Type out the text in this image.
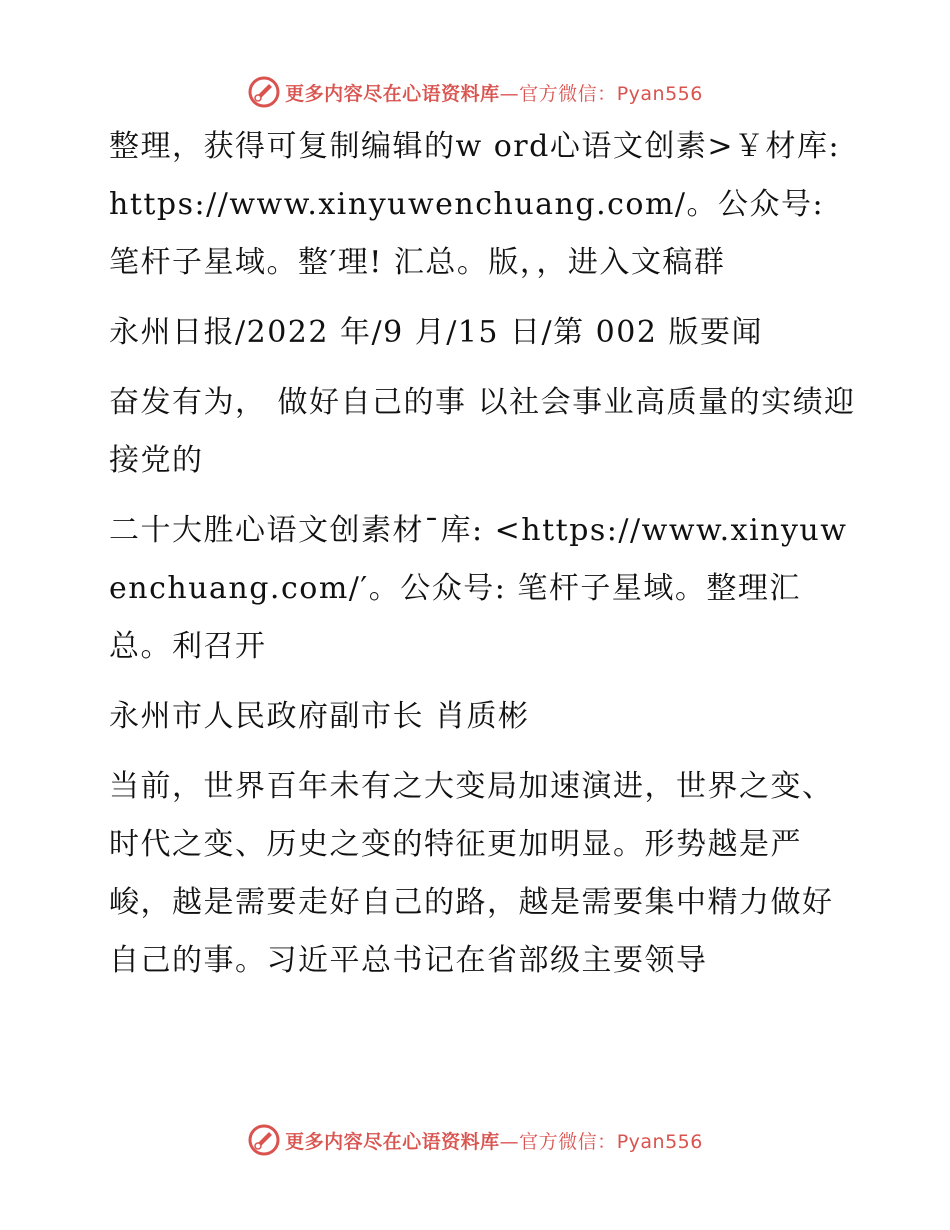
更多内容尽在心语资料库—官方微信：Pyan556

整理，获得可复制编辑的w ord心语文创素>￥材库: https://www.xinyuwenchuang.com/。公众号: 笔杆子星域。整′理! 汇总。版，，进入文稿群

永州日报/2022 年/9 月/15 日/第 002 版要闻

奋发有为， 做好自己的事 以社会事业高质量的实绩迎接党的

二十大胜心语文创素材¯库: <https://www.xinyuwenchuang.com/′。公众号: 笔杆子星域。整理汇总。利召开

永州市人民政府副市长 肖质彬

当前，世界百年未有之大变局加速演进，世界之变、时代之变、历史之变的特征更加明显。形势越是严峻，越是需要走好自己的路，越是需要集中精力做好自己的事。习近平总书记在省部级主要领导

更多内容尽在心语资料库—官方微信：Pyan556
